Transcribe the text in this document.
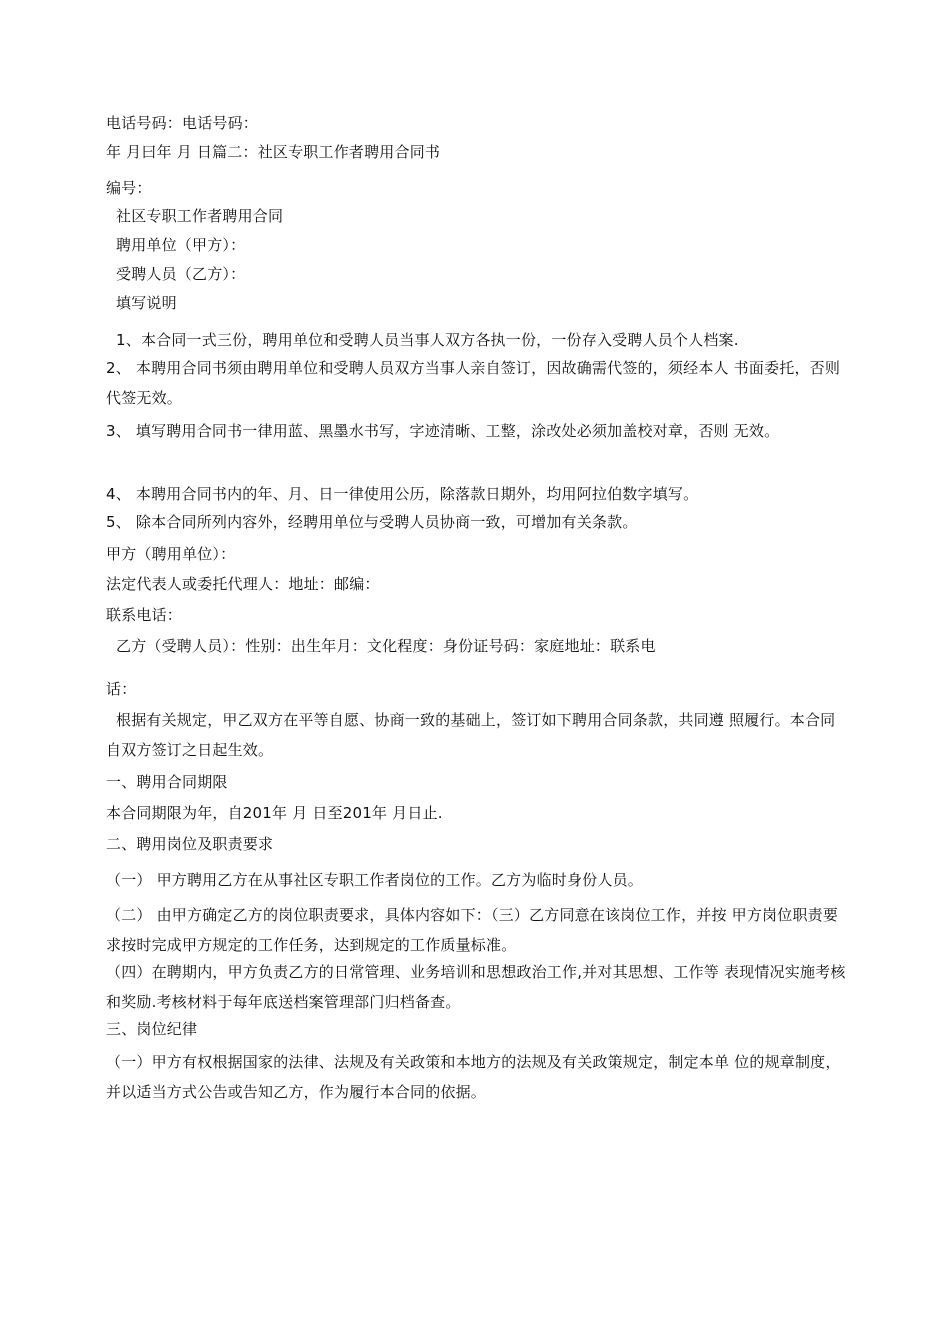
电话号码：电话号码：
年 月曰年 月 日篇二：社区专职工作者聘用合同书
编号：
社区专职工作者聘用合同
聘用单位（甲方）：
受聘人员（乙方）：
填写说明
1、本合同一式三份，聘用单位和受聘人员当事人双方各执一份，一份存入受聘人员个人档案.
2、 本聘用合同书须由聘用单位和受聘人员双方当事人亲自签订，因故确需代签的，须经本人 书面委托，否则代签无效。
3、 填写聘用合同书一律用蓝、黑墨水书写，字迹清晰、工整，涂改处必须加盖校对章，否则 无效。
4、 本聘用合同书内的年、月、日一律使用公历，除落款日期外，均用阿拉伯数字填写。
5、 除本合同所列内容外，经聘用单位与受聘人员协商一致，可增加有关条款。
甲方（聘用单位）：
法定代表人或委托代理人：地址：邮编：
联系电话：
乙方（受聘人员）：性别：出生年月：文化程度：身份证号码：家庭地址：联系电
话：
根据有关规定，甲乙双方在平等自愿、协商一致的基础上，签订如下聘用合同条款，共同遵 照履行。本合同自双方签订之日起生效。
一、聘用合同期限
本合同期限为年，自201年 月 日至201年 月日止.
二、聘用岗位及职责要求
（一） 甲方聘用乙方在从事社区专职工作者岗位的工作。乙方为临时身份人员。
（二） 由甲方确定乙方的岗位职责要求，具体内容如下：（三）乙方同意在该岗位工作，并按 甲方岗位职责要求按时完成甲方规定的工作任务，达到规定的工作质量标准。
（四）在聘期内，甲方负责乙方的日常管理、业务培训和思想政治工作,并对其思想、工作等 表现情况实施考核和奖励.考核材料于每年底送档案管理部门归档备查。
三、岗位纪律
（一）甲方有权根据国家的法律、法规及有关政策和本地方的法规及有关政策规定，制定本单 位的规章制度，并以适当方式公告或告知乙方，作为履行本合同的依据。
